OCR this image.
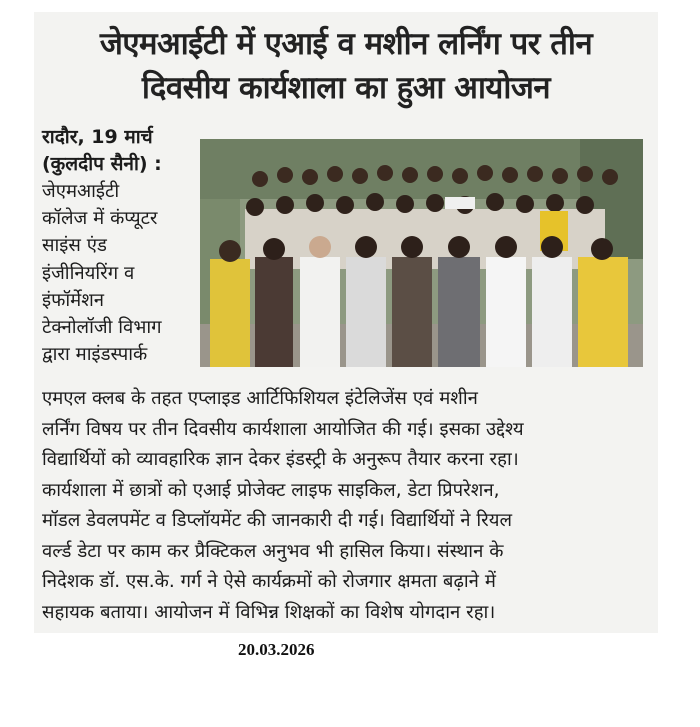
जेएमआईटी में एआई व मशीन लर्निंग पर तीन
दिवसीय कार्यशाला का हुआ आयोजन
रादौर, 19 मार्च
(कुलदीप सैनी) :
जेएमआईटी
कॉलेज में कंप्यूटर
साइंस एंड
इंजीनियरिंग व
इंफॉर्मेशन
टेक्नोलॉजी विभाग
द्वारा माइंडस्पार्क
एमएल क्लब के तहत एप्लाइड आर्टिफिशियल इंटेलिजेंस एवं मशीन
लर्निंग विषय पर तीन दिवसीय कार्यशाला आयोजित की गई। इसका उद्देश्य
विद्यार्थियों को व्यावहारिक ज्ञान देकर इंडस्ट्री के अनुरूप तैयार करना रहा।
कार्यशाला में छात्रों को एआई प्रोजेक्ट लाइफ साइकिल, डेटा प्रिपरेशन,
मॉडल डेवलपमेंट व डिप्लॉयमेंट की जानकारी दी गई। विद्यार्थियों ने रियल
वर्ल्ड डेटा पर काम कर प्रैक्टिकल अनुभव भी हासिल किया। संस्थान के
निदेशक डॉ. एस.के. गर्ग ने ऐसे कार्यक्रमों को रोजगार क्षमता बढ़ाने में
सहायक बताया। आयोजन में विभिन्न शिक्षकों का विशेष योगदान रहा।
20.03.2026
